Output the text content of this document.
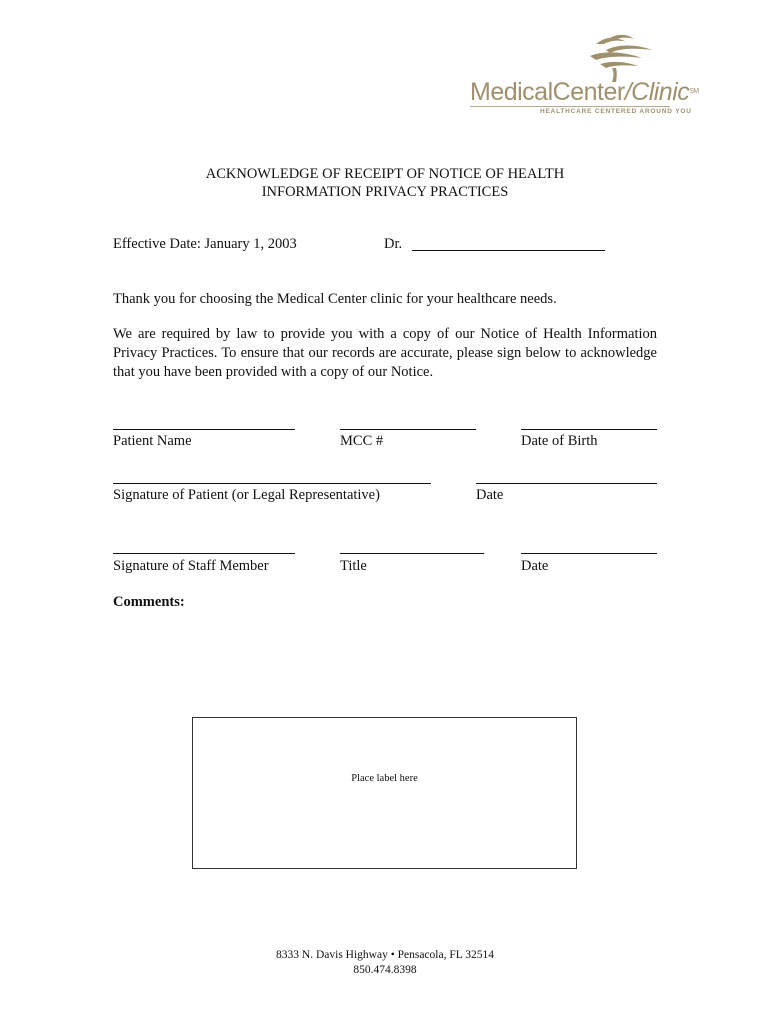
MedicalCenter/Clinic℠
HEALTHCARE CENTERED AROUND YOU
ACKNOWLEDGE OF RECEIPT OF NOTICE OF HEALTH
INFORMATION PRIVACY PRACTICES
Effective Date: January 1, 2003	Dr.
Thank you for choosing the Medical Center clinic for your healthcare needs.
We are required by law to provide you with a copy of our Notice of Health Information Privacy Practices. To ensure that our records are accurate, please sign below to acknowledge that you have been provided with a copy of our Notice.
Patient Name	MCC #	Date of Birth
Signature of Patient (or Legal Representative)	Date
Signature of Staff Member	Title	Date
Comments:
Place label here
8333 N. Davis Highway • Pensacola, FL 32514
850.474.8398
